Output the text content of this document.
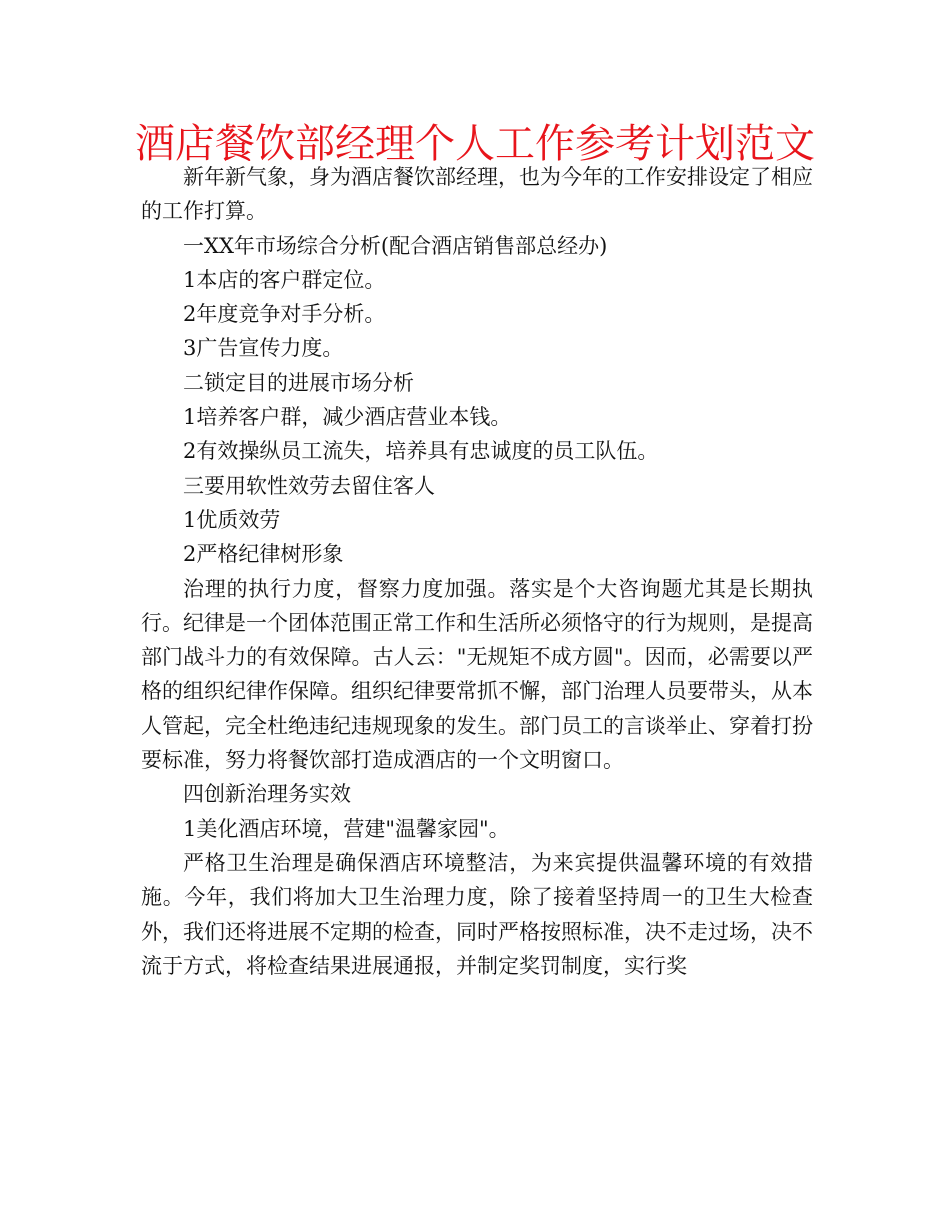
酒店餐饮部经理个人工作参考计划范文

新年新气象，身为酒店餐饮部经理，也为今年的工作安排设定了相应的工作打算。

一XX年市场综合分析(配合酒店销售部总经办)

1本店的客户群定位。

2年度竞争对手分析。

3广告宣传力度。

二锁定目的进展市场分析

1培养客户群，减少酒店营业本钱。

2有效操纵员工流失，培养具有忠诚度的员工队伍。

三要用软性效劳去留住客人

1优质效劳

2严格纪律树形象

治理的执行力度，督察力度加强。落实是个大咨询题尤其是长期执行。纪律是一个团体范围正常工作和生活所必须恪守的行为规则，是提高部门战斗力的有效保障。古人云："无规矩不成方圆"。因而，必需要以严格的组织纪律作保障。组织纪律要常抓不懈，部门治理人员要带头，从本人管起，完全杜绝违纪违规现象的发生。部门员工的言谈举止、穿着打扮要标准，努力将餐饮部打造成酒店的一个文明窗口。

四创新治理务实效

1美化酒店环境，营建"温馨家园"。

严格卫生治理是确保酒店环境整洁，为来宾提供温馨环境的有效措施。今年，我们将加大卫生治理力度，除了接着坚持周一的卫生大检查外，我们还将进展不定期的检查，同时严格按照标准，决不走过场，决不流于方式，将检查结果进展通报，并制定奖罚制度，实行奖
